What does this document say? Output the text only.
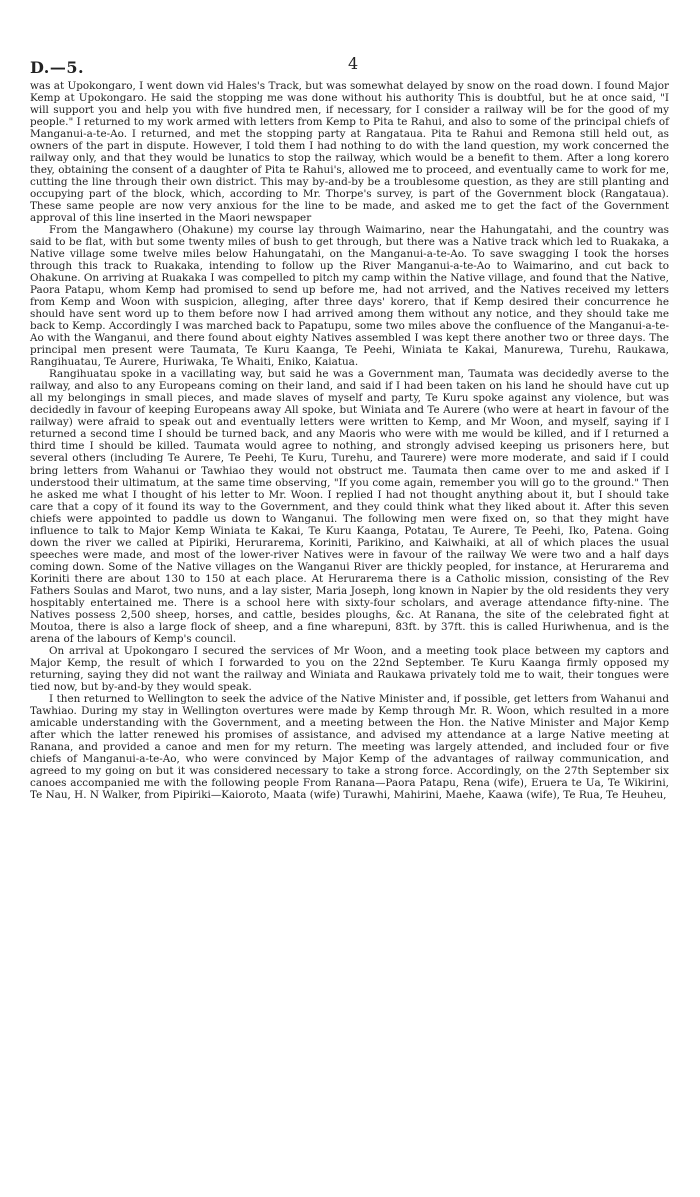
D.—5.	4

was at Upokongaro, I went down vid Hales's Track, but was somewhat delayed by snow on the road down. I found Major Kemp at Upokongaro. He said the stopping me was done without his authority This is doubtful, but he at once said, "I will support you and help you with five hundred men, if necessary, for I consider a railway will be for the good of my people." I returned to my work armed with letters from Kemp to Pita te Rahui, and also to some of the principal chiefs of Manganui-a-te-Ao. I returned, and met the stopping party at Rangataua. Pita te Rahui and Remona still held out, as owners of the part in dispute. However, I told them I had nothing to do with the land question, my work concerned the railway only, and that they would be lunatics to stop the railway, which would be a benefit to them. After a long korero they, obtaining the consent of a daughter of Pita te Rahui's, allowed me to proceed, and eventually came to work for me, cutting the line through their own district. This may by-and-by be a troublesome question, as they are still planting and occupying part of the block, which, according to Mr. Thorpe's survey, is part of the Government block (Rangataua). These same people are now very anxious for the line to be made, and asked me to get the fact of the Government approval of this line inserted in the Maori newspaper

From the Mangawhero (Ohakune) my course lay through Waimarino, near the Hahungatahi, and the country was said to be flat, with but some twenty miles of bush to get through, but there was a Native track which led to Ruakaka, a Native village some twelve miles below Hahungatahi, on the Manganui-a-te-Ao. To save swagging I took the horses through this track to Ruakaka, intending to follow up the River Manganui-a-te-Ao to Waimarino, and cut back to Ohakune. On arriving at Ruakaka I was compelled to pitch my camp within the Native village, and found that the Native, Paora Patapu, whom Kemp had promised to send up before me, had not arrived, and the Natives received my letters from Kemp and Woon with suspicion, alleging, after three days' korero, that if Kemp desired their concurrence he should have sent word up to them before now I had arrived among them without any notice, and they should take me back to Kemp. Accordingly I was marched back to Papatupu, some two miles above the confluence of the Manganui-a-te-Ao with the Wanganui, and there found about eighty Natives assembled I was kept there another two or three days. The principal men present were Taumata, Te Kuru Kaanga, Te Peehi, Winiata te Kakai, Manurewa, Turehu, Raukawa, Rangihuatau, Te Aurere, Huriwaka, Te Whaiti, Eniko, Kaiatua.

Rangihuatau spoke in a vacillating way, but said he was a Government man, Taumata was decidedly averse to the railway, and also to any Europeans coming on their land, and said if I had been taken on his land he should have cut up all my belongings in small pieces, and made slaves of myself and party, Te Kuru spoke against any violence, but was decidedly in favour of keeping Europeans away All spoke, but Winiata and Te Aurere (who were at heart in favour of the railway) were afraid to speak out and eventually letters were written to Kemp, and Mr Woon, and myself, saying if I returned a second time I should be turned back, and any Maoris who were with me would be killed, and if I returned a third time I should be killed. Taumata would agree to nothing, and strongly advised keeping us prisoners here, but several others (including Te Aurere, Te Peehi, Te Kuru, Turehu, and Taurere) were more moderate, and said if I could bring letters from Wahanui or Tawhiao they would not obstruct me. Taumata then came over to me and asked if I understood their ultimatum, at the same time observing, "If you come again, remember you will go to the ground." Then he asked me what I thought of his letter to Mr. Woon. I replied I had not thought anything about it, but I should take care that a copy of it found its way to the Government, and they could think what they liked about it. After this seven chiefs were appointed to paddle us down to Wanganui. The following men were fixed on, so that they might have influence to talk to Major Kemp Winiata te Kakai, Te Kuru Kaanga, Potatau, Te Aurere, Te Peehi, Iko, Patena. Going down the river we called at Pipiriki, Herurarema, Koriniti, Parikino, and Kaiwhaiki, at all of which places the usual speeches were made, and most of the lower-river Natives were in favour of the railway We were two and a half days coming down. Some of the Native villages on the Wanganui River are thickly peopled, for instance, at Herurarema and Koriniti there are about 130 to 150 at each place. At Herurarema there is a Catholic mission, consisting of the Rev Fathers Soulas and Marot, two nuns, and a lay sister, Maria Joseph, long known in Napier by the old residents they very hospitably entertained me. There is a school here with sixty-four scholars, and average attendance fifty-nine. The Natives possess 2,500 sheep, horses, and cattle, besides ploughs, &c. At Ranana, the site of the celebrated fight at Moutoa, there is also a large flock of sheep, and a fine wharepuni, 83ft. by 37ft. this is called Huriwhenua, and is the arena of the labours of Kemp's council.

On arrival at Upokongaro I secured the services of Mr Woon, and a meeting took place between my captors and Major Kemp, the result of which I forwarded to you on the 22nd September. Te Kuru Kaanga firmly opposed my returning, saying they did not want the railway and Winiata and Raukawa privately told me to wait, their tongues were tied now, but by-and-by they would speak.

I then returned to Wellington to seek the advice of the Native Minister and, if possible, get letters from Wahanui and Tawhiao. During my stay in Wellington overtures were made by Kemp through Mr. R. Woon, which resulted in a more amicable understanding with the Government, and a meeting between the Hon. the Native Minister and Major Kemp after which the latter renewed his promises of assistance, and advised my attendance at a large Native meeting at Ranana, and provided a canoe and men for my return. The meeting was largely attended, and included four or five chiefs of Manganui-a-te-Ao, who were convinced by Major Kemp of the advantages of railway communication, and agreed to my going on but it was considered necessary to take a strong force. Accordingly, on the 27th September six canoes accompanied me with the following people From Ranana—Paora Patapu, Rena (wife), Eruera te Ua, Te Wikirini, Te Nau, H. N Walker, from Pipiriki—Kaioroto, Maata (wife) Turawhi, Mahirini, Maehe, Kaawa (wife), Te Rua, Te Heuheu,
